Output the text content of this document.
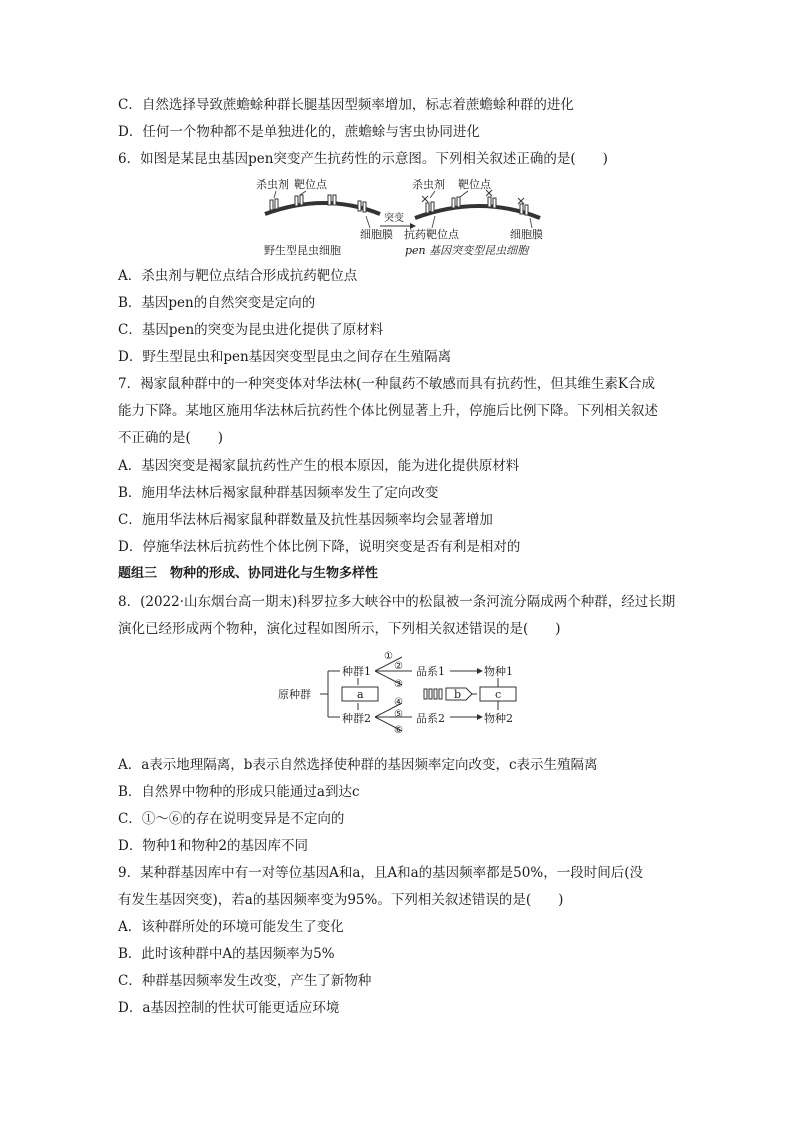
C．自然选择导致蔗蟾蜍种群长腿基因型频率增加，标志着蔗蟾蜍种群的进化
D．任何一个物种都不是单独进化的，蔗蟾蜍与害虫协同进化
6．如图是某昆虫基因pen突变产生抗药性的示意图。下列相关叙述正确的是(　　)
杀虫剂 靶位点
细胞膜
野生型昆虫细胞
突变
杀虫剂 靶位点
抗药靶位点	细胞膜
pen 基因突变型昆虫细胞
A．杀虫剂与靶位点结合形成抗药靶位点
B．基因pen的自然突变是定向的
C．基因pen的突变为昆虫进化提供了原材料
D．野生型昆虫和pen基因突变型昆虫之间存在生殖隔离
7．褐家鼠种群中的一种突变体对华法林(一种鼠药不敏感而具有抗药性，但其维生素K合成
能力下降。某地区施用华法林后抗药性个体比例显著上升，停施后比例下降。下列相关叙述
不正确的是(　　)
A．基因突变是褐家鼠抗药性产生的根本原因，能为进化提供原材料
B．施用华法林后褐家鼠种群基因频率发生了定向改变
C．施用华法林后褐家鼠种群数量及抗性基因频率均会显著增加
D．停施华法林后抗药性个体比例下降，说明突变是否有利是相对的
题组三　物种的形成、协同进化与生物多样性
8．(2022·山东烟台高一期末)科罗拉多大峡谷中的松鼠被一条河流分隔成两个种群，经过长期
演化已经形成两个物种，演化过程如图所示，下列相关叙述错误的是(　　)
原种群
种群1
种群2
a
①
②
③
品系1	物种1
④
⑤
⑥
品系2	物种2
b	c
A．a表示地理隔离，b表示自然选择使种群的基因频率定向改变，c表示生殖隔离
B．自然界中物种的形成只能通过a到达c
C．①～⑥的存在说明变异是不定向的
D．物种1和物种2的基因库不同
9．某种群基因库中有一对等位基因A和a，且A和a的基因频率都是50%，一段时间后(没
有发生基因突变)，若a的基因频率变为95%。下列相关叙述错误的是(　　)
A．该种群所处的环境可能发生了变化
B．此时该种群中A的基因频率为5%
C．种群基因频率发生改变，产生了新物种
D．a基因控制的性状可能更适应环境
